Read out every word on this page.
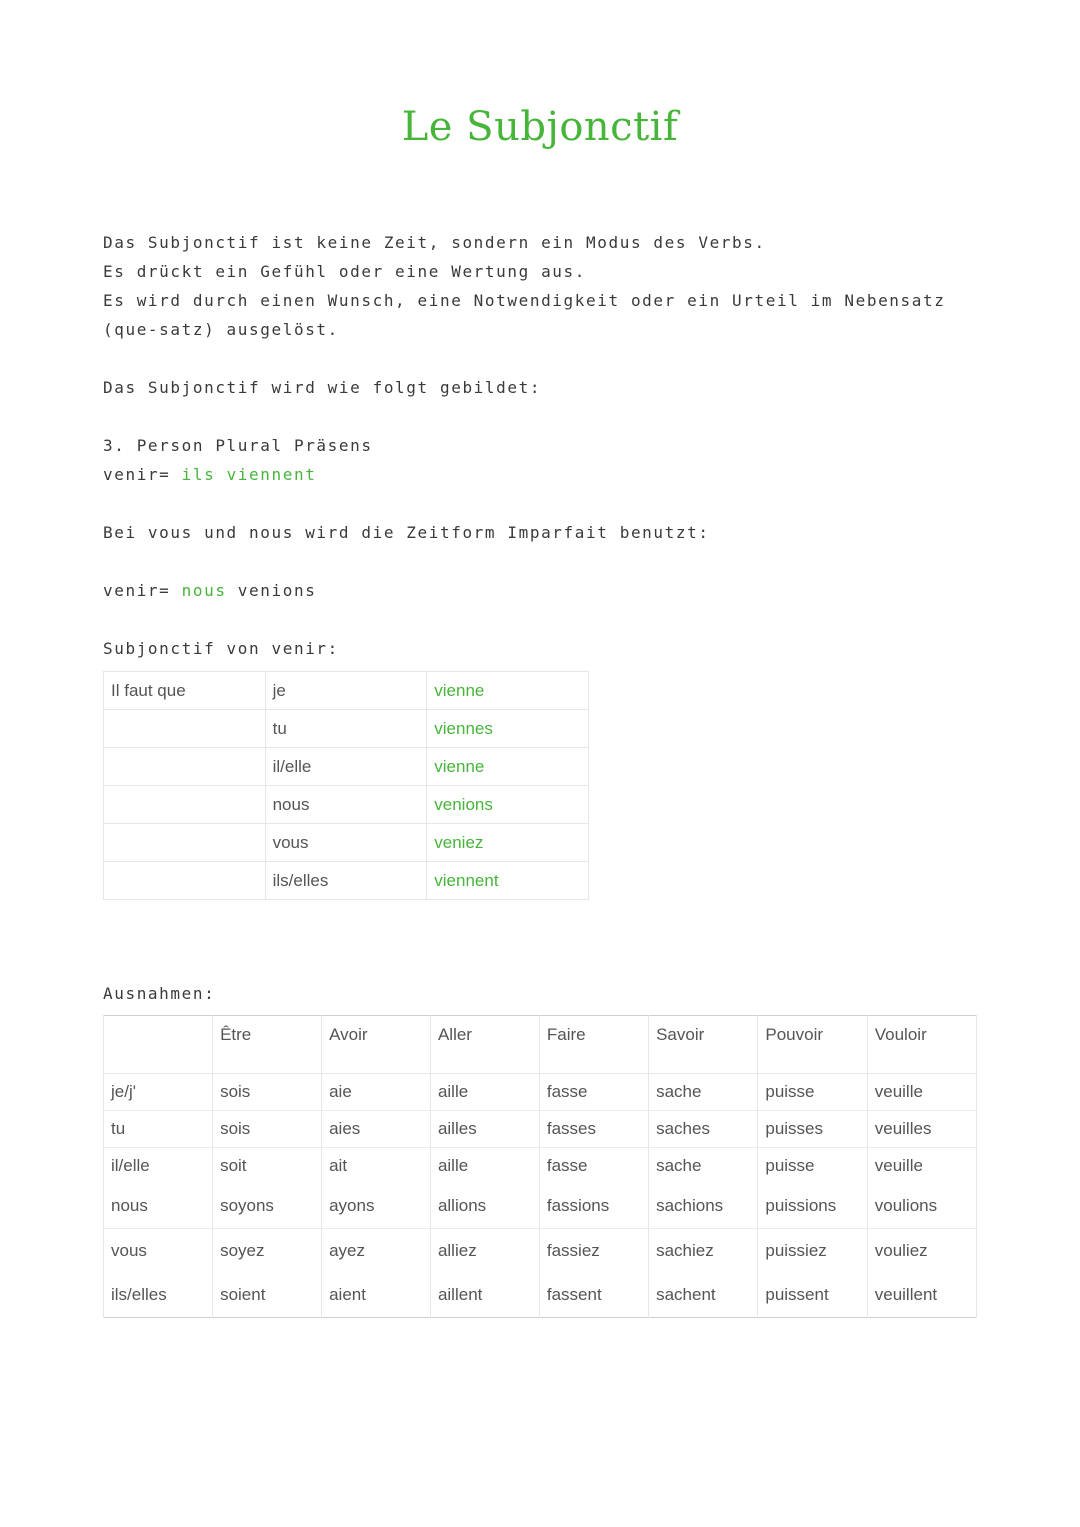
Le Subjonctif
Das Subjonctif ist keine Zeit, sondern ein Modus des Verbs.
Es drückt ein Gefühl oder eine Wertung aus.
Es wird durch einen Wunsch, eine Notwendigkeit oder ein Urteil im Nebensatz
(que-satz) ausgelöst.
Das Subjonctif wird wie folgt gebildet:
3. Person Plural Präsens
venir= ils viennent
Bei vous und nous wird die Zeitform Imparfait benutzt:
venir= nous venions
Subjonctif von venir:
Il faut que	je	vienne
	tu	viennes
	il/elle	vienne
	nous	venions
	vous	veniez
	ils/elles	viennent
Ausnahmen:
	Être	Avoir	Aller	Faire	Savoir	Pouvoir	Vouloir
je/j'	sois	aie	aille	fasse	sache	puisse	veuille
tu	sois	aies	ailles	fasses	saches	puisses	veuilles
il/elle	soit	ait	aille	fasse	sache	puisse	veuille
nous	soyons	ayons	allions	fassions	sachions	puissions	voulions
vous	soyez	ayez	alliez	fassiez	sachiez	puissiez	vouliez
ils/elles	soient	aient	aillent	fassent	sachent	puissent	veuillent
